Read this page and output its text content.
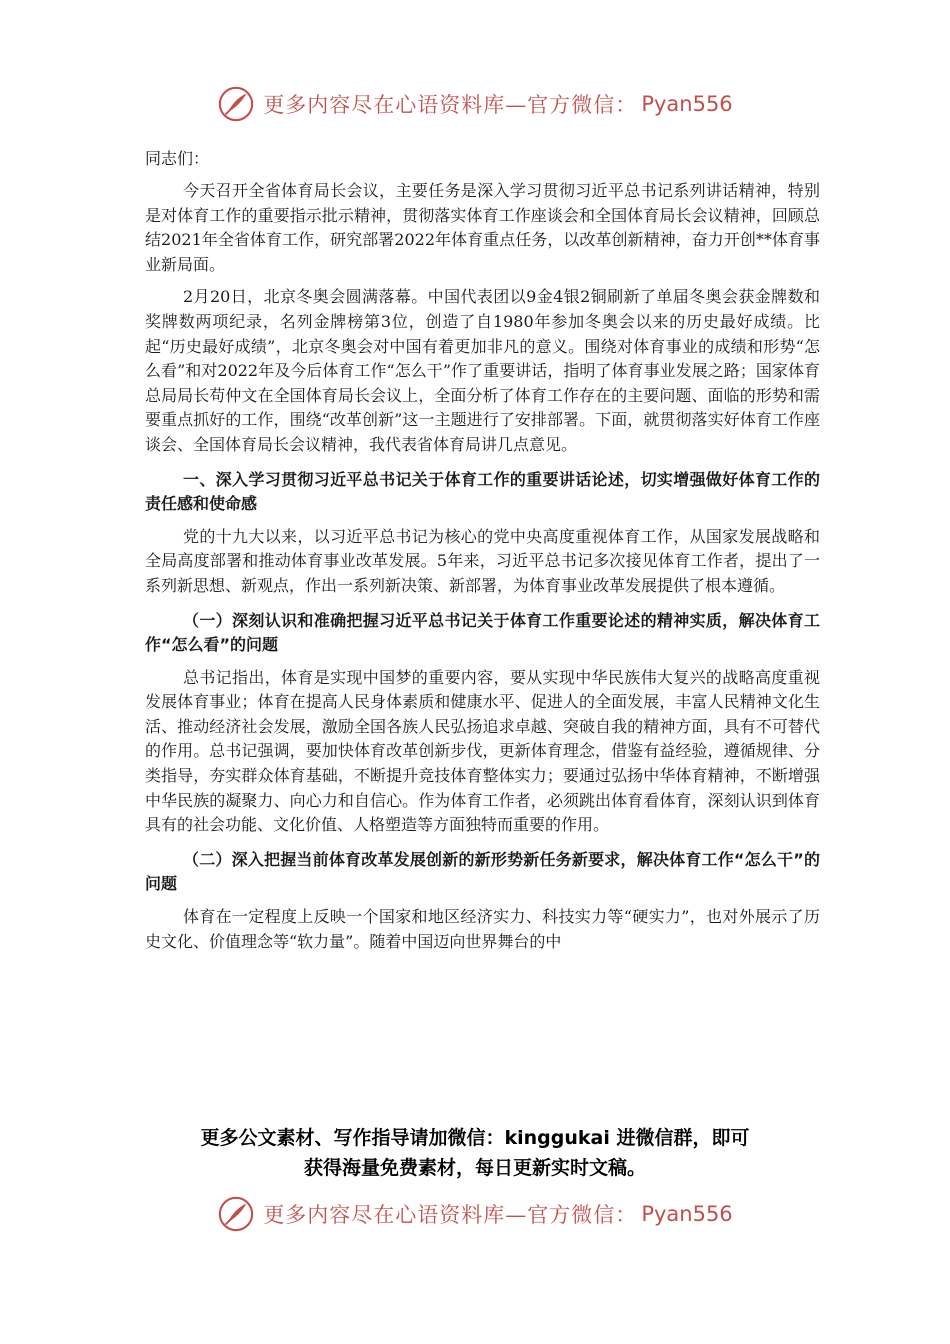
更多内容尽在心语资料库—官方微信： Pyan556

同志们：

今天召开全省体育局长会议，主要任务是深入学习贯彻习近平总书记系列讲话精神，特别是对体育工作的重要指示批示精神，贯彻落实体育工作座谈会和全国体育局长会议精神，回顾总结2021年全省体育工作，研究部署2022年体育重点任务，以改革创新精神，奋力开创**体育事业新局面。

2月20日，北京冬奥会圆满落幕。中国代表团以9金4银2铜刷新了单届冬奥会获金牌数和奖牌数两项纪录，名列金牌榜第3位，创造了自1980年参加冬奥会以来的历史最好成绩。比起“历史最好成绩”，北京冬奥会对中国有着更加非凡的意义。围绕对体育事业的成绩和形势“怎么看”和对2022年及今后体育工作“怎么干”作了重要讲话，指明了体育事业发展之路；国家体育总局局长苟仲文在全国体育局长会议上，全面分析了体育工作存在的主要问题、面临的形势和需要重点抓好的工作，围绕“改革创新”这一主题进行了安排部署。下面，就贯彻落实好体育工作座谈会、全国体育局长会议精神，我代表省体育局讲几点意见。

一、深入学习贯彻习近平总书记关于体育工作的重要讲话论述，切实增强做好体育工作的责任感和使命感

党的十九大以来，以习近平总书记为核心的党中央高度重视体育工作，从国家发展战略和全局高度部署和推动体育事业改革发展。5年来，习近平总书记多次接见体育工作者，提出了一系列新思想、新观点，作出一系列新决策、新部署，为体育事业改革发展提供了根本遵循。

（一）深刻认识和准确把握习近平总书记关于体育工作重要论述的精神实质，解决体育工作“怎么看”的问题

总书记指出，体育是实现中国梦的重要内容，要从实现中华民族伟大复兴的战略高度重视发展体育事业；体育在提高人民身体素质和健康水平、促进人的全面发展，丰富人民精神文化生活、推动经济社会发展，激励全国各族人民弘扬追求卓越、突破自我的精神方面，具有不可替代的作用。总书记强调，要加快体育改革创新步伐，更新体育理念，借鉴有益经验，遵循规律、分类指导，夯实群众体育基础，不断提升竞技体育整体实力；要通过弘扬中华体育精神，不断增强中华民族的凝聚力、向心力和自信心。作为体育工作者，必须跳出体育看体育，深刻认识到体育具有的社会功能、文化价值、人格塑造等方面独特而重要的作用。

（二）深入把握当前体育改革发展创新的新形势新任务新要求，解决体育工作“怎么干”的问题

体育在一定程度上反映一个国家和地区经济实力、科技实力等“硬实力”，也对外展示了历史文化、价值理念等“软力量”。随着中国迈向世界舞台的中

更多公文素材、写作指导请加微信：kinggukai 进微信群，即可
获得海量免费素材，每日更新实时文稿。
更多内容尽在心语资料库—官方微信： Pyan556
